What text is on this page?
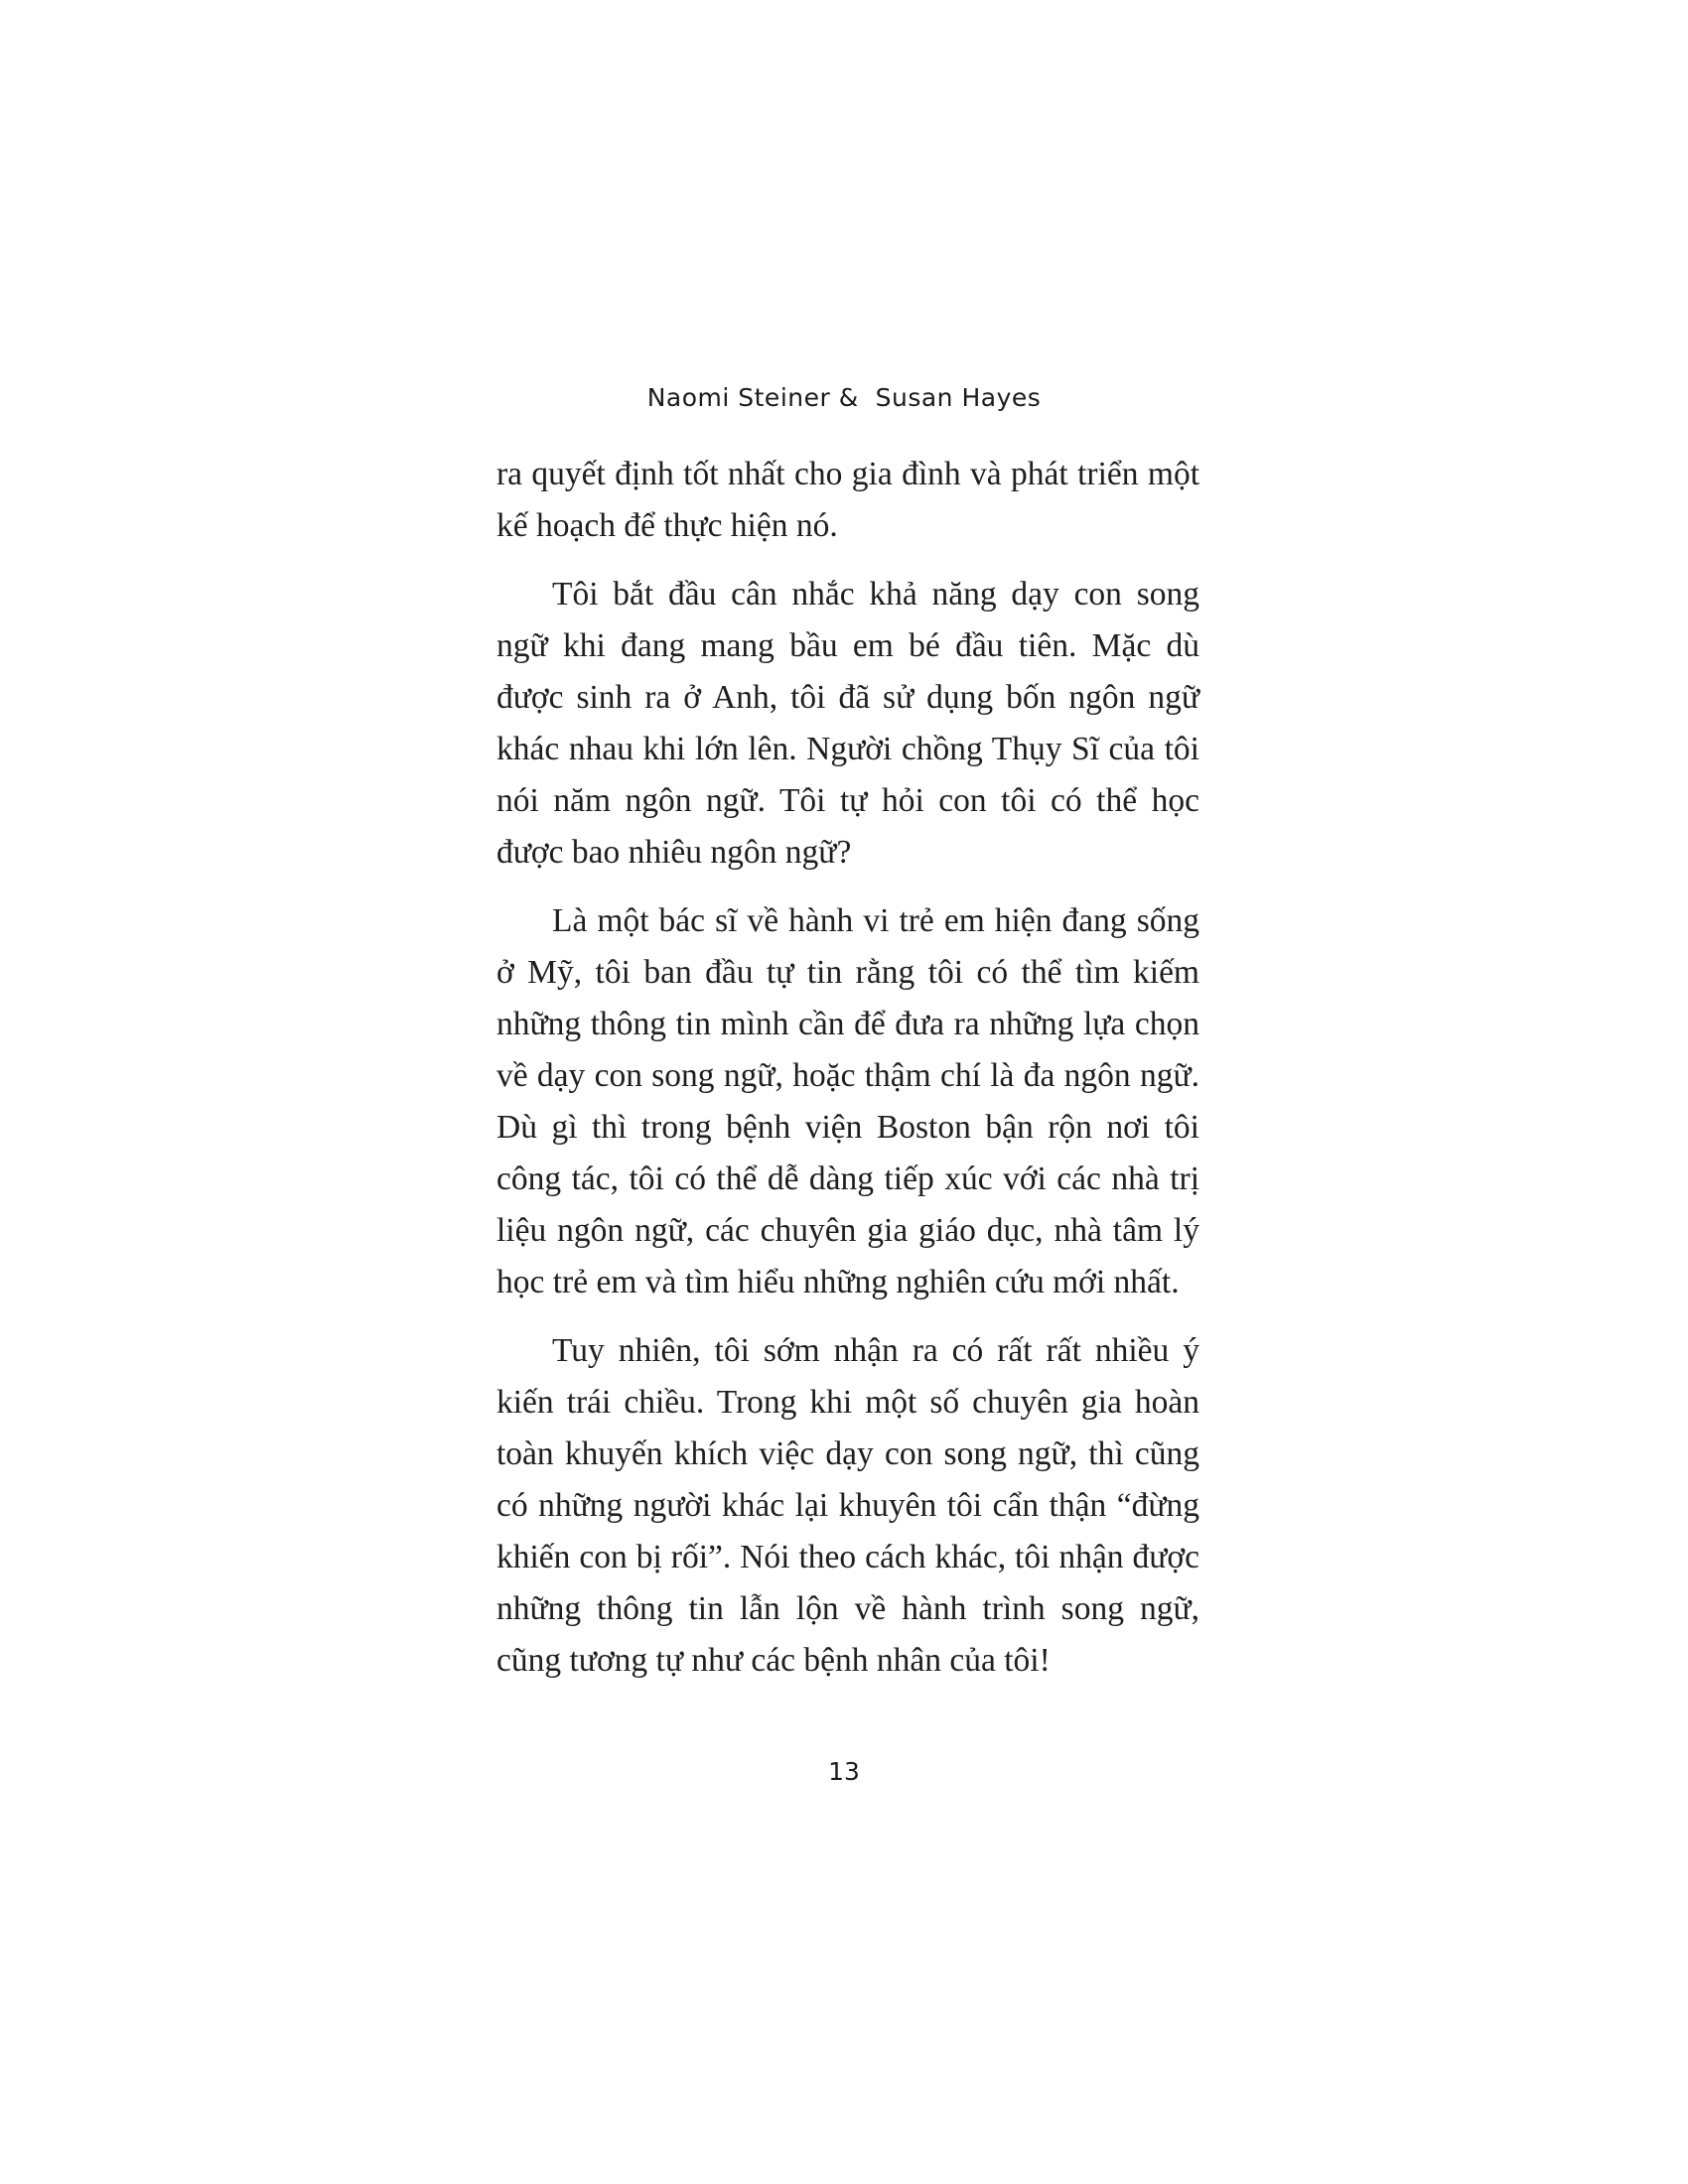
Naomi Steiner &  Susan Hayes

ra quyết định tốt nhất cho gia đình và phát triển một kế hoạch để thực hiện nó.

Tôi bắt đầu cân nhắc khả năng dạy con song ngữ khi đang mang bầu em bé đầu tiên. Mặc dù được sinh ra ở Anh, tôi đã sử dụng bốn ngôn ngữ khác nhau khi lớn lên. Người chồng Thụy Sĩ của tôi nói năm ngôn ngữ. Tôi tự hỏi con tôi có thể học được bao nhiêu ngôn ngữ?

Là một bác sĩ về hành vi trẻ em hiện đang sống ở Mỹ, tôi ban đầu tự tin rằng tôi có thể tìm kiếm những thông tin mình cần để đưa ra những lựa chọn về dạy con song ngữ, hoặc thậm chí là đa ngôn ngữ. Dù gì thì trong bệnh viện Boston bận rộn nơi tôi công tác, tôi có thể dễ dàng tiếp xúc với các nhà trị liệu ngôn ngữ, các chuyên gia giáo dục, nhà tâm lý học trẻ em và tìm hiểu những nghiên cứu mới nhất.

Tuy nhiên, tôi sớm nhận ra có rất rất nhiều ý kiến trái chiều. Trong khi một số chuyên gia hoàn toàn khuyến khích việc dạy con song ngữ, thì cũng có những người khác lại khuyên tôi cẩn thận “đừng khiến con bị rối”. Nói theo cách khác, tôi nhận được những thông tin lẫn lộn về hành trình song ngữ, cũng tương tự như các bệnh nhân của tôi!

13
